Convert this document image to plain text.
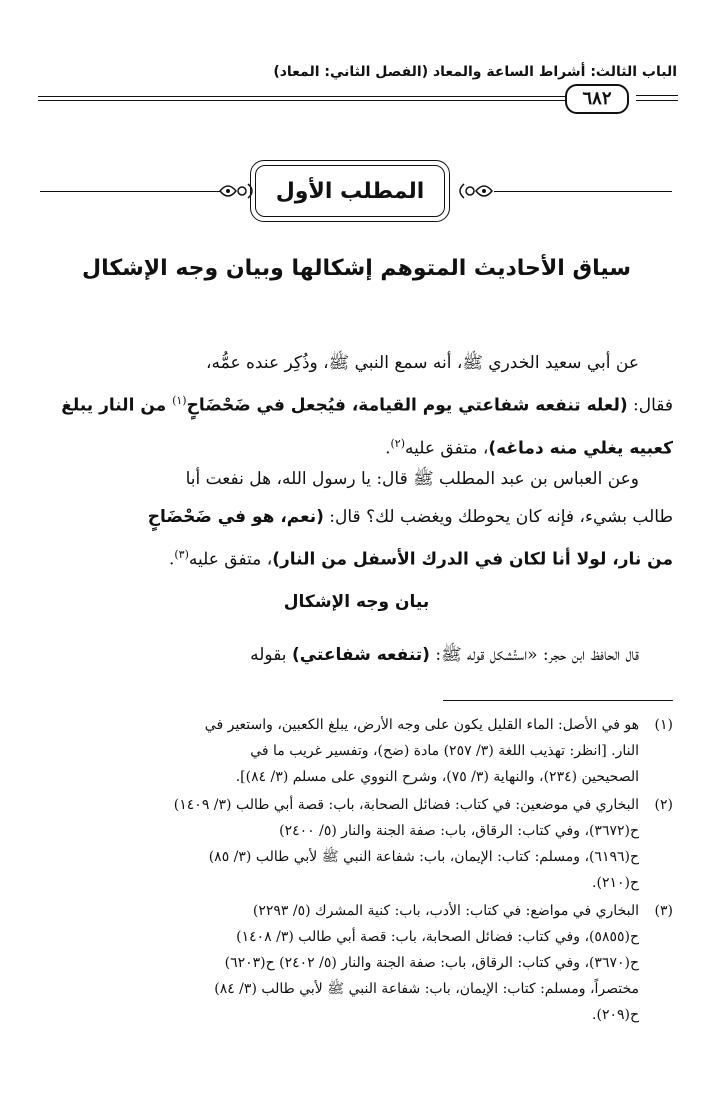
الباب الثالث: أشراط الساعة والمعاد (الفصل الثاني: المعاد)
٦٨٢
المطلب الأول
سياق الأحاديث المتوهم إشكالها وبيان وجه الإشكال
عن أبي سعيد الخدري ﷺ، أنه سمع النبي ﷺ، وذُكِر عنده عمُّه،
فقال: (لعله تنفعه شفاعتي يوم القيامة، فيُجعل في ضَحْضَاحٍ$^{(١)}$ من النار يبلغ
كعبيه يغلي منه دماغه)، متفق عليه$^{(٢)}$.
وعن العباس بن عبد المطلب ﷺ قال: يا رسول الله، هل نفعت أبا
طالب بشيء، فإنه كان يحوطك ويغضب لك؟ قال: (نعم، هو في ضَحْضَاحٍ
من نار، لولا أنا لكان في الدرك الأسفل من النار)، متفق عليه$^{(٣)}$.
بيان وجه الإشكال
قال الحافظ ابن حجر: «استُشكل قوله ﷺ: (تنفعه شفاعتي) بقوله
(١)
هو في الأصل: الماء القليل يكون على وجه الأرض، يبلغ الكعبين، واستعير في
النار. [انظر: تهذيب اللغة (٣/ ٢٥٧) مادة (ضح)، وتفسير غريب ما في
الصحيحين (٢٣٤)، والنهاية (٣/ ٧٥)، وشرح النووي على مسلم (٣/ ٨٤)].
(٢)
البخاري في موضعين: في كتاب: فضائل الصحابة، باب: قصة أبي طالب (٣/ ١٤٠٩)
ح(٣٦٧٢)، وفي كتاب: الرقاق، باب: صفة الجنة والنار (٥/ ٢٤٠٠)
ح(٦١٩٦)، ومسلم: كتاب: الإيمان، باب: شفاعة النبي ﷺ لأبي طالب (٣/ ٨٥)
ح(٢١٠).
(٣)
البخاري في مواضع: في كتاب: الأدب، باب: كنية المشرك (٥/ ٢٢٩٣)
ح(٥٨٥٥)، وفي كتاب: فضائل الصحابة، باب: قصة أبي طالب (٣/ ١٤٠٨)
ح(٣٦٧٠)، وفي كتاب: الرقاق، باب: صفة الجنة والنار (٥/ ٢٤٠٢) ح(٦٢٠٣)
مختصراً، ومسلم: كتاب: الإيمان، باب: شفاعة النبي ﷺ لأبي طالب (٣/ ٨٤)
ح(٢٠٩).
